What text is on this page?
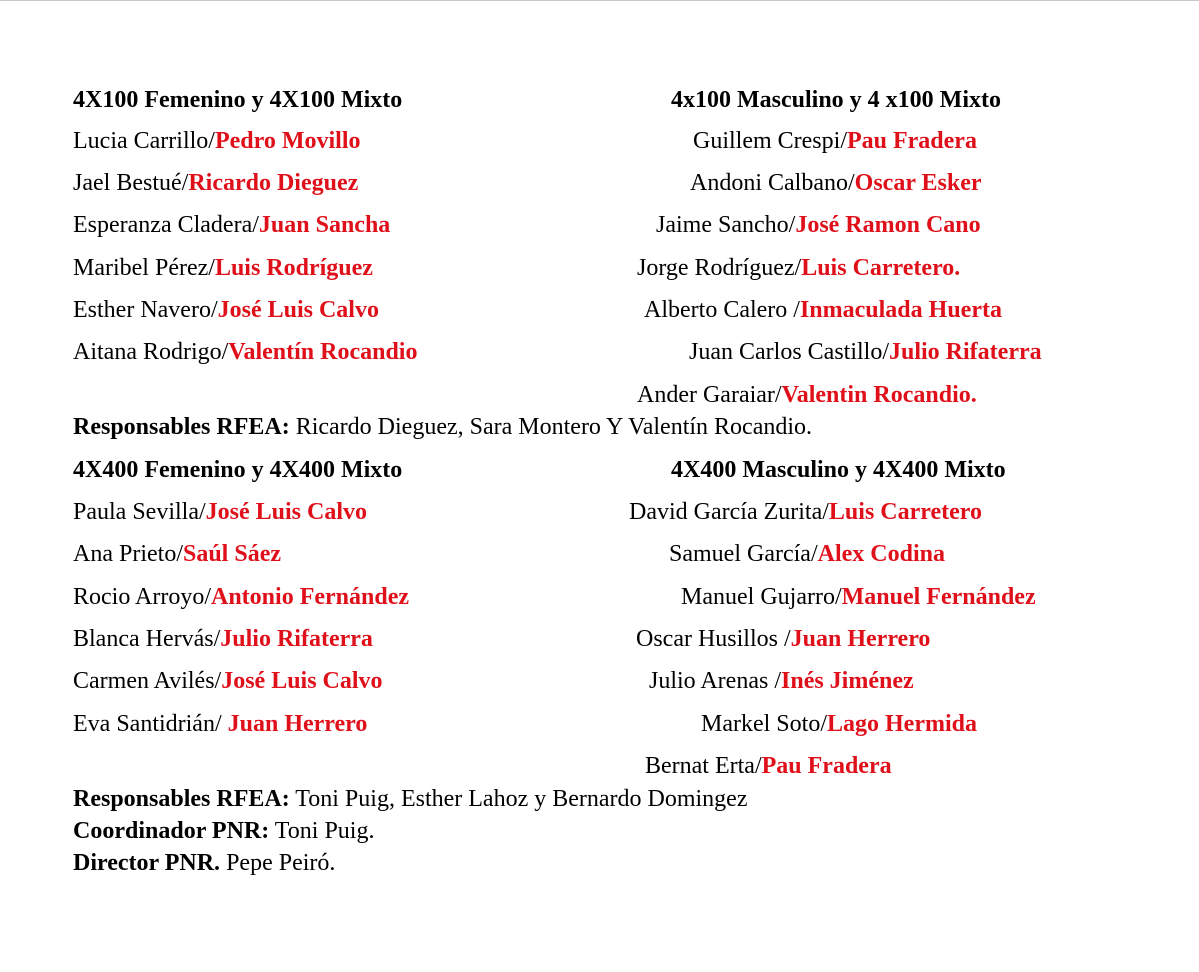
4X100 Femenino y 4X100 Mixto	4x100 Masculino y 4 x100 Mixto
Lucia Carrillo/Pedro Movillo
Jael Bestué/Ricardo Dieguez
Esperanza Cladera/Juan Sancha
Maribel Pérez/Luis Rodríguez
Esther Navero/José Luis Calvo
Aitana Rodrigo/Valentín Rocandio
Guillem Crespi/Pau Fradera
Andoni Calbano/Oscar Esker
Jaime Sancho/José Ramon Cano
Jorge Rodríguez/Luis Carretero.
Alberto Calero /Inmaculada Huerta
Juan Carlos Castillo/Julio Rifaterra
Ander Garaiar/Valentin Rocandio.
Responsables RFEA: Ricardo Dieguez, Sara Montero Y Valentín Rocandio.
4X400 Femenino y 4X400 Mixto	4X400 Masculino y 4X400 Mixto
Paula Sevilla/José Luis Calvo
Ana Prieto/Saúl Sáez
Rocio Arroyo/Antonio Fernández
Blanca Hervás/Julio Rifaterra
Carmen Avilés/José Luis Calvo
Eva Santidrián/ Juan Herrero
David García Zurita/Luis Carretero
Samuel García/Alex Codina
Manuel Gujarro/Manuel Fernández
Oscar Husillos /Juan Herrero
Julio Arenas /Inés Jiménez
Markel Soto/Lago Hermida
Bernat Erta/Pau Fradera
Responsables RFEA: Toni Puig, Esther Lahoz y Bernardo Domingez
Coordinador PNR: Toni Puig.
Director PNR. Pepe Peiró.
